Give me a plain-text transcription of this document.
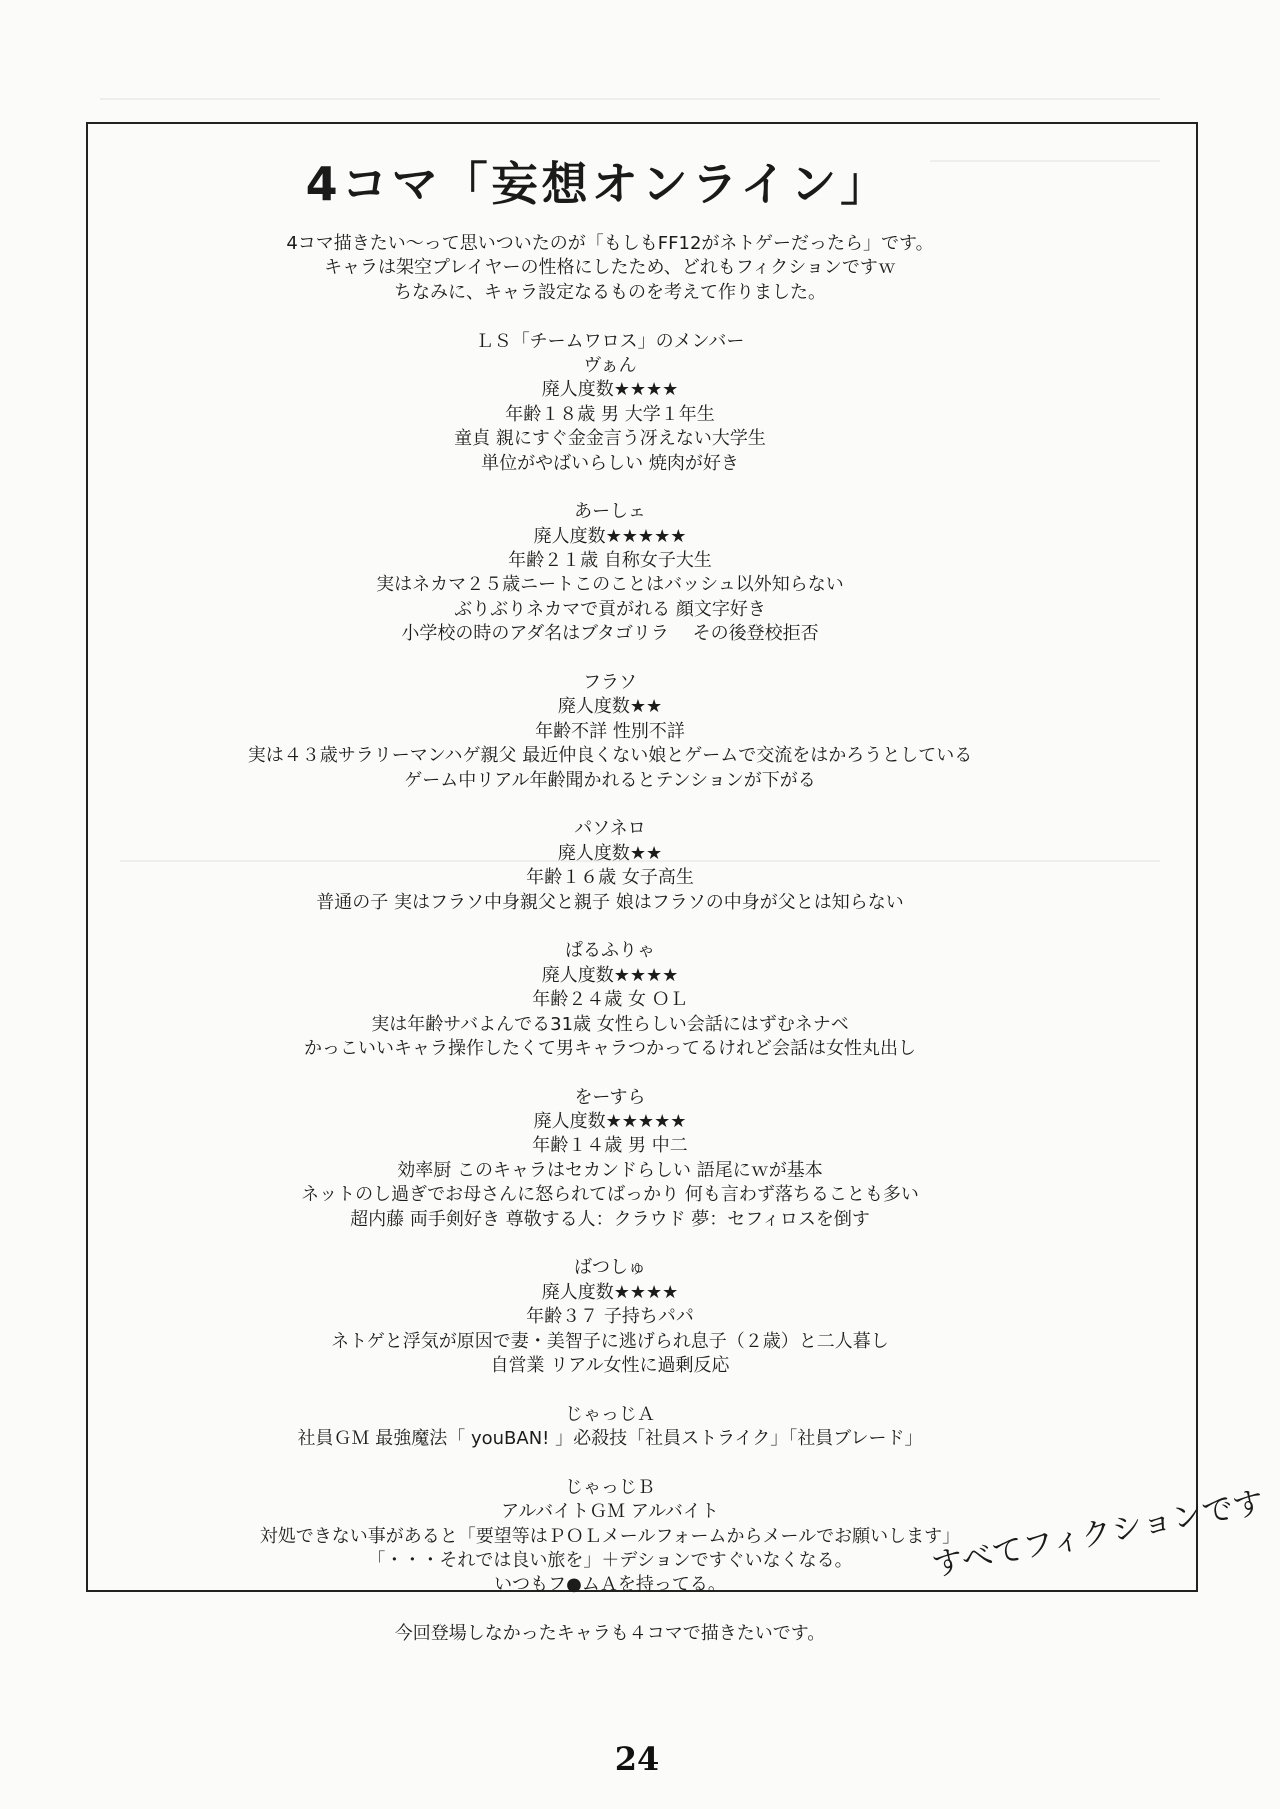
4コマ「妄想オンライン」
4コマ描きたい〜って思いついたのが「もしもFF12がネトゲーだったら」です。
キャラは架空プレイヤーの性格にしたため、どれもフィクションですｗ
ちなみに、キャラ設定なるものを考えて作りました。
ＬＳ「チームワロス」のメンバー
ヴぁん
廃人度数★★★★
年齢１８歳 男 大学１年生
童貞 親にすぐ金金言う冴えない大学生
単位がやばいらしい 焼肉が好き
あーしェ
廃人度数★★★★★
年齢２１歳 自称女子大生
実はネカマ２５歳ニートこのことはバッシュ以外知らない
ぶりぶりネカマで貢がれる 顔文字好き
小学校の時のアダ名はブタゴリラ　 その後登校拒否
フラソ
廃人度数★★
年齢不詳 性別不詳
実は４３歳サラリーマンハゲ親父 最近仲良くない娘とゲームで交流をはかろうとしている
ゲーム中リアル年齢聞かれるとテンションが下がる
パソネロ
廃人度数★★
年齢１６歳 女子高生
普通の子 実はフラソ中身親父と親子 娘はフラソの中身が父とは知らない
ぱるふりゃ
廃人度数★★★★
年齢２４歳 女 ＯＬ
実は年齢サバよんでる31歳 女性らしい会話にはずむネナベ
かっこいいキャラ操作したくて男キャラつかってるけれど会話は女性丸出し
をーすら
廃人度数★★★★★
年齢１４歳 男 中二
効率厨 このキャラはセカンドらしい 語尾にｗが基本
ネットのし過ぎでお母さんに怒られてばっかり 何も言わず落ちることも多い
超内藤 両手剣好き 尊敬する人：クラウド 夢：セフィロスを倒す
ばつしゅ
廃人度数★★★★
年齢３７ 子持ちパパ
ネトゲと浮気が原因で妻・美智子に逃げられ息子（２歳）と二人暮し
自営業 リアル女性に過剰反応
じゃっじＡ
社員ＧＭ 最強魔法「 youBAN! 」必殺技「社員ストライク」「社員ブレード」
じゃっじＢ
アルバイトＧＭ アルバイト
対処できない事があると「要望等はＰＯＬメールフォームからメールでお願いします」
「・・・それでは良い旅を」＋デションですぐいなくなる。
いつもフ●ムＡを持ってる。
今回登場しなかったキャラも４コマで描きたいです。
すべてフィクションです
24
